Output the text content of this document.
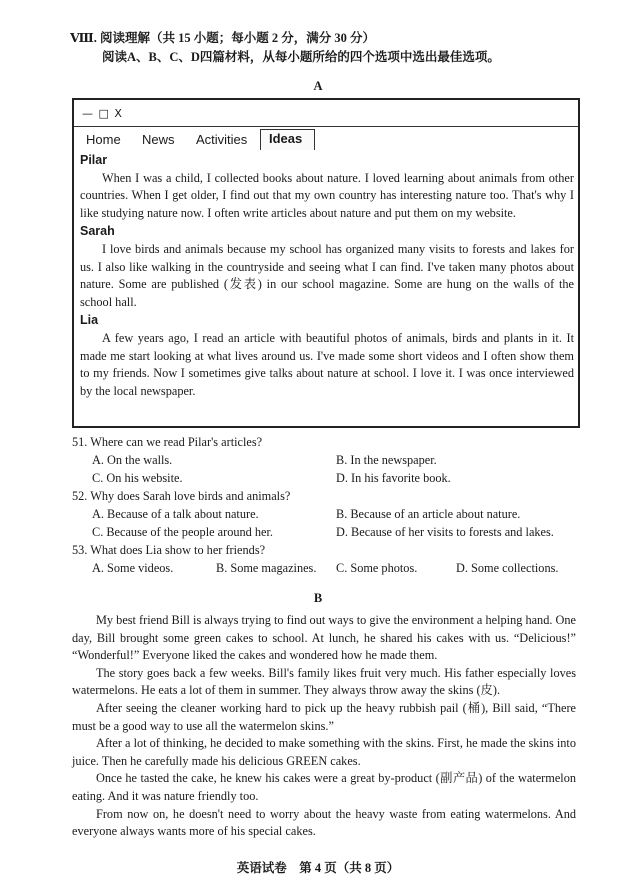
Ⅷ. 阅读理解（共 15 小题；每小题 2 分，满分 30 分）
阅读A、B、C、D四篇材料，从每小题所给的四个选项中选出最佳选项。
A
— □ X
Home News Activities	Ideas
Pilar

When I was a child, I collected books about nature. I loved learning about animals from other countries. When I get older, I find out that my own country has interesting nature too. That's why I like studying nature now. I often write articles about nature and put them on my website.

Sarah

I love birds and animals because my school has organized many visits to forests and lakes for us. I also like walking in the countryside and seeing what I can find. I've taken many photos about nature. Some are published (发表) in our school magazine. Some are hung on the walls of the school hall.

Lia

A few years ago, I read an article with beautiful photos of animals, birds and plants in it. It made me start looking at what lives around us. I've made some short videos and I often show them to my friends. Now I sometimes give talks about nature at school. I love it. I was once interviewed by the local newspaper.

51. Where can we read Pilar's articles?
A. On the walls.	B. In the newspaper.
C. On his website.	D. In his favorite book.
52. Why does Sarah love birds and animals?
A. Because of a talk about nature.	B. Because of an article about nature.
C. Because of the people around her.	D. Because of her visits to forests and lakes.
53. What does Lia show to her friends?
A. Some videos.	B. Some magazines. C. Some photos.	D. Some collections.
B

My best friend Bill is always trying to find out ways to give the environment a helping hand. One day, Bill brought some green cakes to school. At lunch, he shared his cakes with us. “Delicious!” “Wonderful!” Everyone liked the cakes and wondered how he made them.

The story goes back a few weeks. Bill's family likes fruit very much. His father especially loves watermelons. He eats a lot of them in summer. They always throw away the skins (皮).

After seeing the cleaner working hard to pick up the heavy rubbish pail (桶), Bill said, “There must be a good way to use all the watermelon skins.”

After a lot of thinking, he decided to make something with the skins. First, he made the skins into juice. Then he carefully made his delicious GREEN cakes.

Once he tasted the cake, he knew his cakes were a great by-product (副产品) of the watermelon eating. And it was nature friendly too.

From now on, he doesn't need to worry about the heavy waste from eating watermelons. And everyone always wants more of his special cakes.

英语试卷　第 4 页（共 8 页）
